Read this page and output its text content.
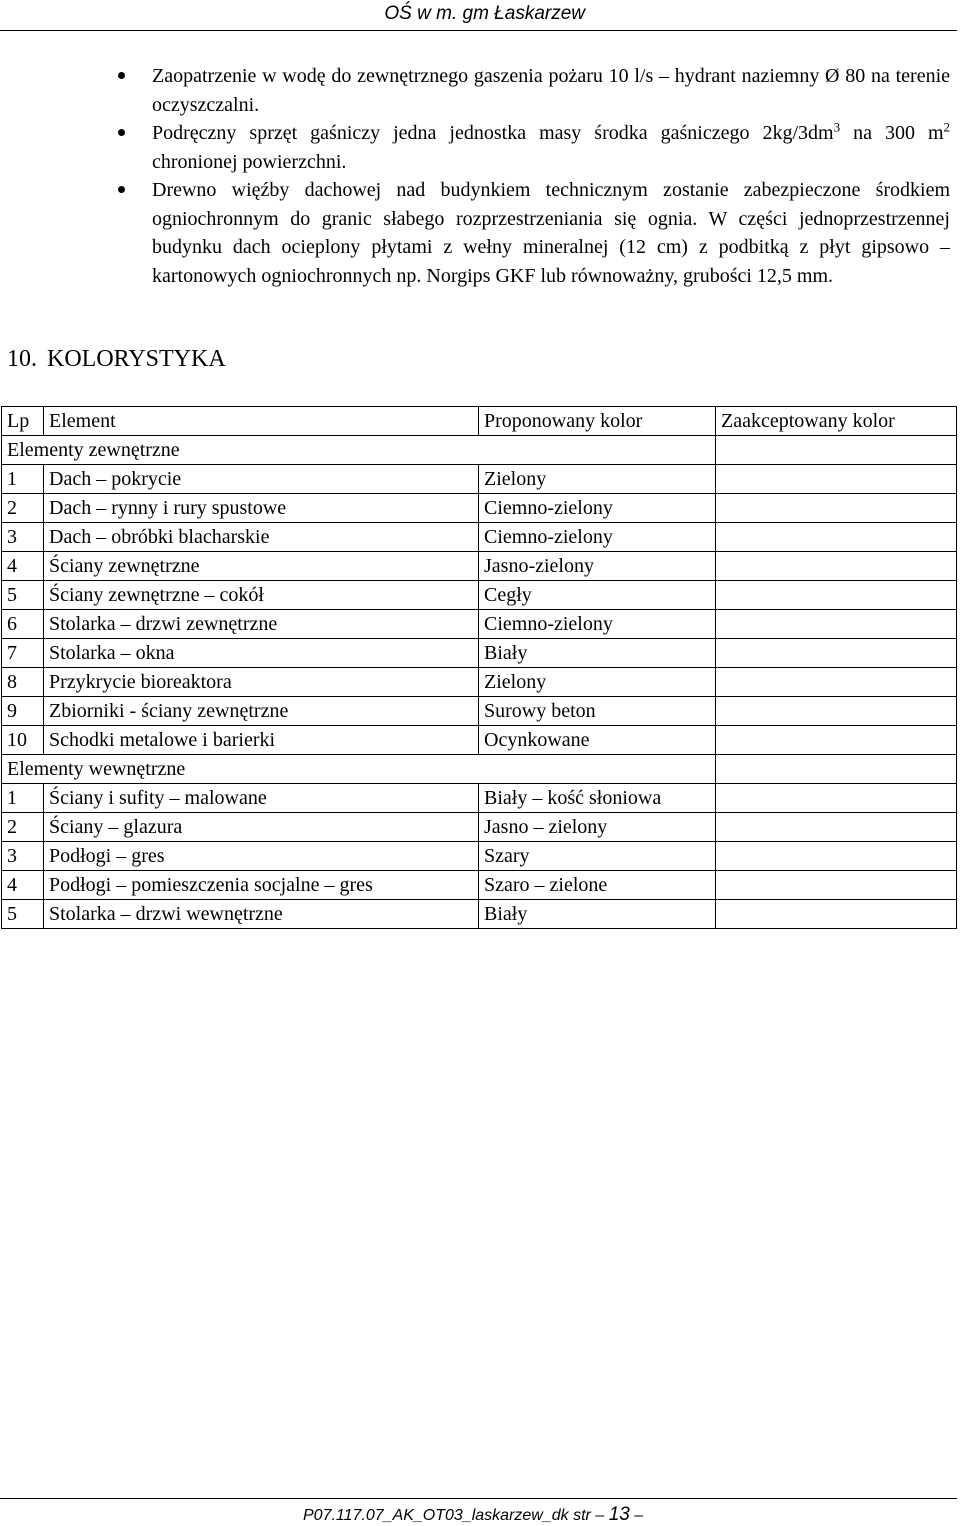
OŚ w m. gm Łaskarzew
Zaopatrzenie w wodę do zewnętrznego gaszenia pożaru 10 l/s – hydrant naziemny Ø 80 na terenie oczyszczalni.
Podręczny sprzęt gaśniczy jedna jednostka masy środka gaśniczego $2kg/3dm^3$ na 300 $m^2$ chronionej powierzchni.
Drewno więźby dachowej nad budynkiem technicznym zostanie zabezpieczone środkiem ogniochronnym do granic słabego rozprzestrzeniania się ognia. W części jednoprzestrzennej budynku dach ocieplony płytami z wełny mineralnej (12 cm) z podbitką z płyt gipsowo – kartonowych ogniochronnych np. Norgips GKF lub równoważny, grubości 12,5 mm.
10. KOLORYSTYKA
Lp	Element	Proponowany kolor	Zaakceptowany kolor
Elementy zewnętrzne			
1	Dach – pokrycie	Zielony	
2	Dach – rynny i rury spustowe	Ciemno-zielony	
3	Dach – obróbki blacharskie	Ciemno-zielony	
4	Ściany zewnętrzne	Jasno-zielony	
5	Ściany zewnętrzne – cokół	Cegły	
6	Stolarka – drzwi zewnętrzne	Ciemno-zielony	
7	Stolarka – okna	Biały	
8	Przykrycie bioreaktora	Zielony	
9	Zbiorniki - ściany zewnętrzne	Surowy beton	
10	Schodki metalowe i barierki	Ocynkowane	
Elementy wewnętrzne			
1	Ściany i sufity – malowane	Biały – kość słoniowa	
2	Ściany – glazura	Jasno – zielony	
3	Podłogi – gres	Szary	
4	Podłogi – pomieszczenia socjalne – gres	Szaro – zielone	
5	Stolarka – drzwi wewnętrzne	Biały	
P07.117.07_AK_OT03_laskarzew_dk str – 13 –
